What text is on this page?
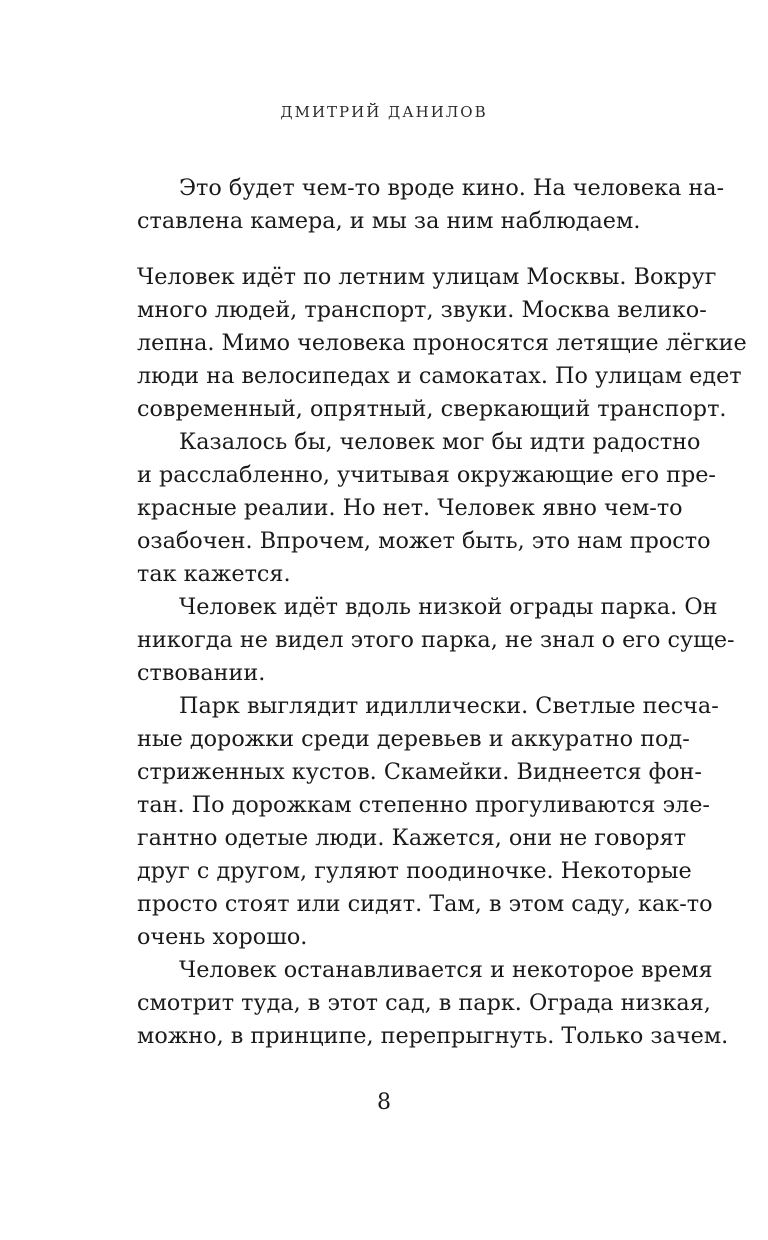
ДМИТРИЙ ДАНИЛОВ
Это будет чем-то вроде кино. На человека на-
ставлена камера, и мы за ним наблюдаем.
Человек идёт по летним улицам Москвы. Вокруг
много людей, транспорт, звуки. Москва велико-
лепна. Мимо человека проносятся летящие лёгкие
люди на велосипедах и самокатах. По улицам едет
современный, опрятный, сверкающий транспорт.
Казалось бы, человек мог бы идти радостно
и расслабленно, учитывая окружающие его пре-
красные реалии. Но нет. Человек явно чем-то
озабочен. Впрочем, может быть, это нам просто
так кажется.
Человек идёт вдоль низкой ограды парка. Он
никогда не видел этого парка, не знал о его суще-
ствовании.
Парк выглядит идиллически. Светлые песча-
ные дорожки среди деревьев и аккуратно под-
стриженных кустов. Скамейки. Виднеется фон-
тан. По дорожкам степенно прогуливаются эле-
гантно одетые люди. Кажется, они не говорят
друг с другом, гуляют поодиночке. Некоторые
просто стоят или сидят. Там, в этом саду, как-то
очень хорошо.
Человек останавливается и некоторое время
смотрит туда, в этот сад, в парк. Ограда низкая,
можно, в принципе, перепрыгнуть. Только зачем.
8
